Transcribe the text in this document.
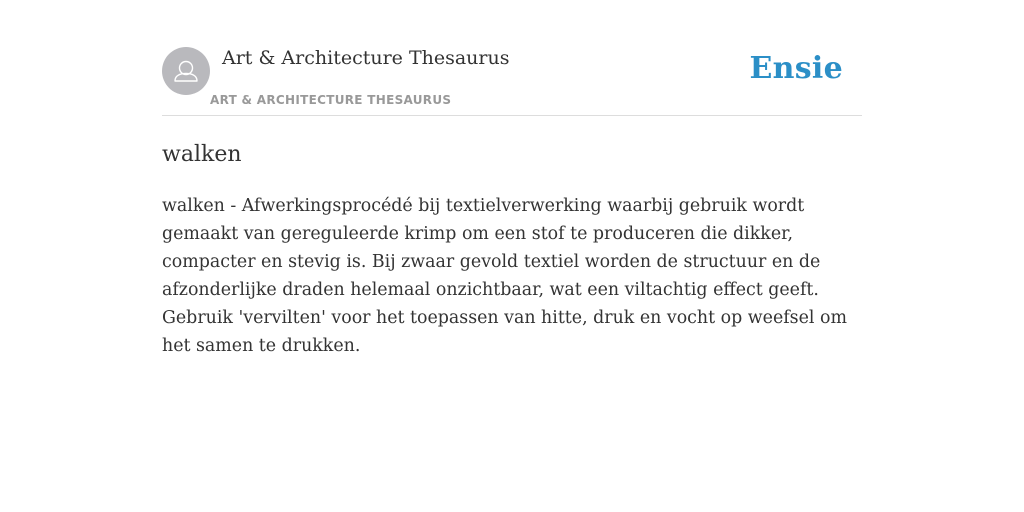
Art & Architecture Thesaurus
ART & ARCHITECTURE THESAURUS
Ensie
walken

walken - Afwerkingsprocédé bij textielverwerking waarbij gebruik wordt gemaakt van gereguleerde krimp om een stof te produceren die dikker, compacter en stevig is. Bij zwaar gevold textiel worden de structuur en de afzonderlijke draden helemaal onzichtbaar, wat een viltachtig effect geeft. Gebruik 'vervilten' voor het toepassen van hitte, druk en vocht op weefsel om het samen te drukken.
